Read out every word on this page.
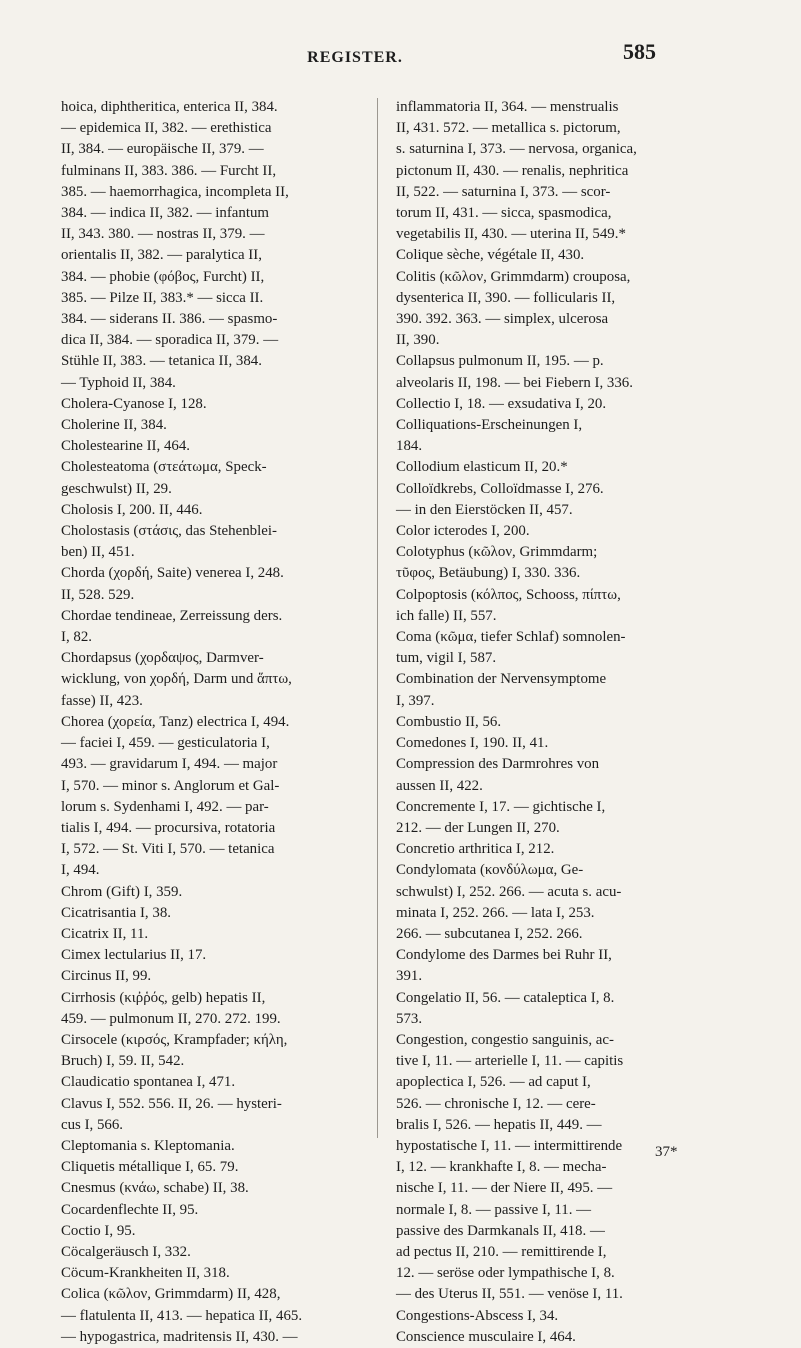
REGISTER.	585
hoica, diphtheritica, enterica II, 384.
— epidemica II, 382. — erethistica
II, 384. — europäische II, 379. —
fulminans II, 383. 386. — Furcht II,
385. — haemorrhagica, incompleta II,
384. — indica II, 382. — infantum
II, 343. 380. — nostras II, 379. —
orientalis II, 382. — paralytica II,
384. — phobie (φόβος, Furcht) II,
385. — Pilze II, 383.* — sicca II.
384. — siderans II. 386. — spasmo-
dica II, 384. — sporadica II, 379. —
Stühle II, 383. — tetanica II, 384.
— Typhoid II, 384.
Cholera-Cyanose I, 128.
Cholerine II, 384.
Cholestearine II, 464.
Cholesteatoma (στεάτωμα, Speck-
geschwulst) II, 29.
Cholosis I, 200. II, 446.
Cholostasis (στάσις, das Stehenblei-
ben) II, 451.
Chorda (χορδή, Saite) venerea I, 248.
II, 528. 529.
Chordae tendineae, Zerreissung ders.
I, 82.
Chordapsus (χορδαψος, Darmver-
wicklung, von χορδή, Darm und ἅπτω,
fasse) II, 423.
Chorea (χορεία, Tanz) electrica I, 494.
— faciei I, 459. — gesticulatoria I,
493. — gravidarum I, 494. — major
I, 570. — minor s. Anglorum et Gal-
lorum s. Sydenhami I, 492. — par-
tialis I, 494. — procursiva, rotatoria
I, 572. — St. Viti I, 570. — tetanica
I, 494.
Chrom (Gift) I, 359.
Cicatrisantia I, 38.
Cicatrix II, 11.
Cimex lectularius II, 17.
Circinus II, 99.
Cirrhosis (κιῤῥός, gelb) hepatis II,
459. — pulmonum II, 270. 272. 199.
Cirsocele (κιρσός, Krampfader; κήλη,
Bruch) I, 59. II, 542.
Claudicatio spontanea I, 471.
Clavus I, 552. 556. II, 26. — hysteri-
cus I, 566.
Cleptomania s. Kleptomania.
Cliquetis métallique I, 65. 79.
Cnesmus (κνάω, schabe) II, 38.
Cocardenflechte II, 95.
Coctio I, 95.
Cöcalgeräusch I, 332.
Cöcum-Krankheiten II, 318.
Colica (κῶλον, Grimmdarm) II, 428,
— flatulenta II, 413. — hepatica II, 465.
— hypogastrica, madritensis II, 430. —
inflammatoria II, 364. — menstrualis
II, 431. 572. — metallica s. pictorum,
s. saturnina I, 373. — nervosa, organica,
pictonum II, 430. — renalis, nephritica
II, 522. — saturnina I, 373. — scor-
torum II, 431. — sicca, spasmodica,
vegetabilis II, 430. — uterina II, 549.*
Colique sèche, végétale II, 430.
Colitis (κῶλον, Grimmdarm) crouposa,
dysenterica II, 390. — follicularis II,
390. 392. 363. — simplex, ulcerosa
II, 390.
Collapsus pulmonum II, 195. — p.
alveolaris II, 198. — bei Fiebern I, 336.
Collectio I, 18. — exsudativa I, 20.
Colliquations-Erscheinungen I,
184.
Collodium elasticum II, 20.*
Colloïdkrebs, Colloïdmasse I, 276.
— in den Eierstöcken II, 457.
Color icterodes I, 200.
Colotyphus (κῶλον, Grimmdarm;
τῦφος, Betäubung) I, 330. 336.
Colpoptosis (κόλπος, Schooss, πίπτω,
ich falle) II, 557.
Coma (κῶμα, tiefer Schlaf) somnolen-
tum, vigil I, 587.
Combination der Nervensymptome
I, 397.
Combustio II, 56.
Comedones I, 190. II, 41.
Compression des Darmrohres von
aussen II, 422.
Concremente I, 17. — gichtische I,
212. — der Lungen II, 270.
Concretio arthritica I, 212.
Condylomata (κονδύλωμα, Ge-
schwulst) I, 252. 266. — acuta s. acu-
minata I, 252. 266. — lata I, 253.
266. — subcutanea I, 252. 266.
Condylome des Darmes bei Ruhr II,
391.
Congelatio II, 56. — cataleptica I, 8.
573.
Congestion, congestio sanguinis, ac-
tive I, 11. — arterielle I, 11. — capitis
apoplectica I, 526. — ad caput I,
526. — chronische I, 12. — cere-
bralis I, 526. — hepatis II, 449. —
hypostatische I, 11. — intermittirende
I, 12. — krankhafte I, 8. — mecha-
nische I, 11. — der Niere II, 495. —
normale I, 8. — passive I, 11. —
passive des Darmkanals II, 418. —
ad pectus II, 210. — remittirende I,
12. — seröse oder lympathische I, 8.
— des Uterus II, 551. — venöse I, 11.
Congestions-Abscess I, 34.
Conscience musculaire I, 464.
37*
